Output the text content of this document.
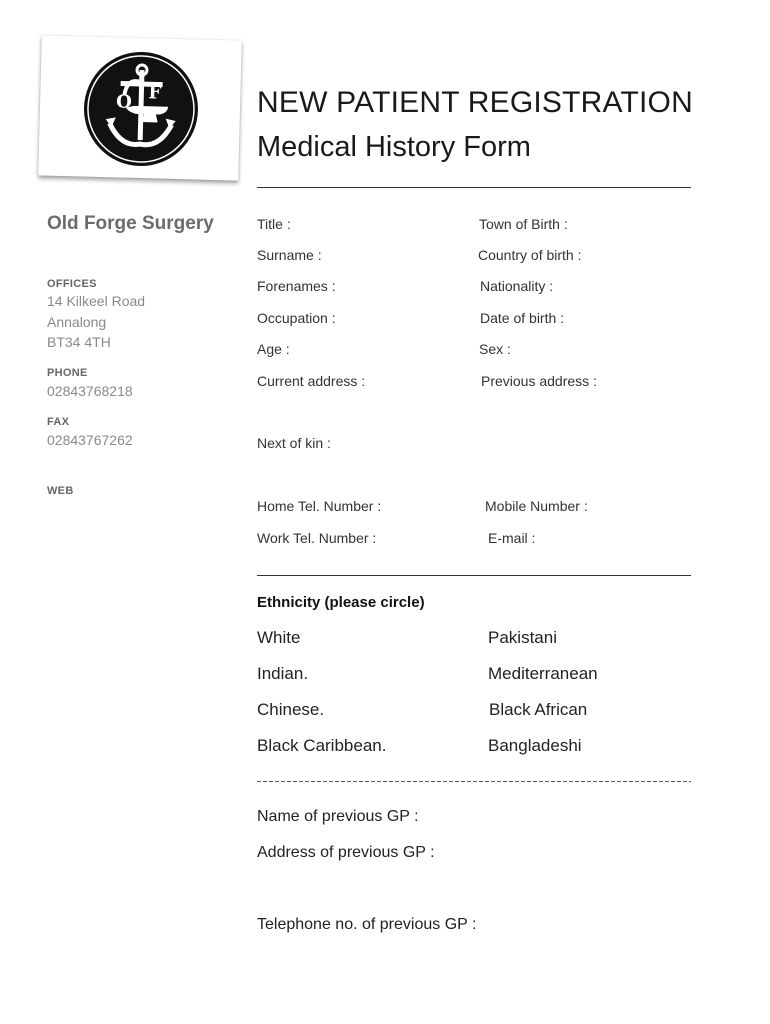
O F	NEW PATIENT REGISTRATION
Medical History Form
Old Forge Surgery
OFFICES
14 Kilkeel Road
Annalong
BT34 4TH
PHONE
02843768218
FAX
02843767262
WEB
Title :	Town of Birth :
Surname :	Country of birth :
Forenames :	Nationality :
Occupation :	Date of birth :
Age :	Sex :
Current address :	Previous address :
Next of kin :
Home Tel. Number :	Mobile Number :
Work Tel. Number :	E-mail :
Ethnicity (please circle)
White	Pakistani
Indian.	Mediterranean
Chinese.	Black African
Black Caribbean.	Bangladeshi
Name of previous GP :
Address of previous GP :
Telephone no. of previous GP :
